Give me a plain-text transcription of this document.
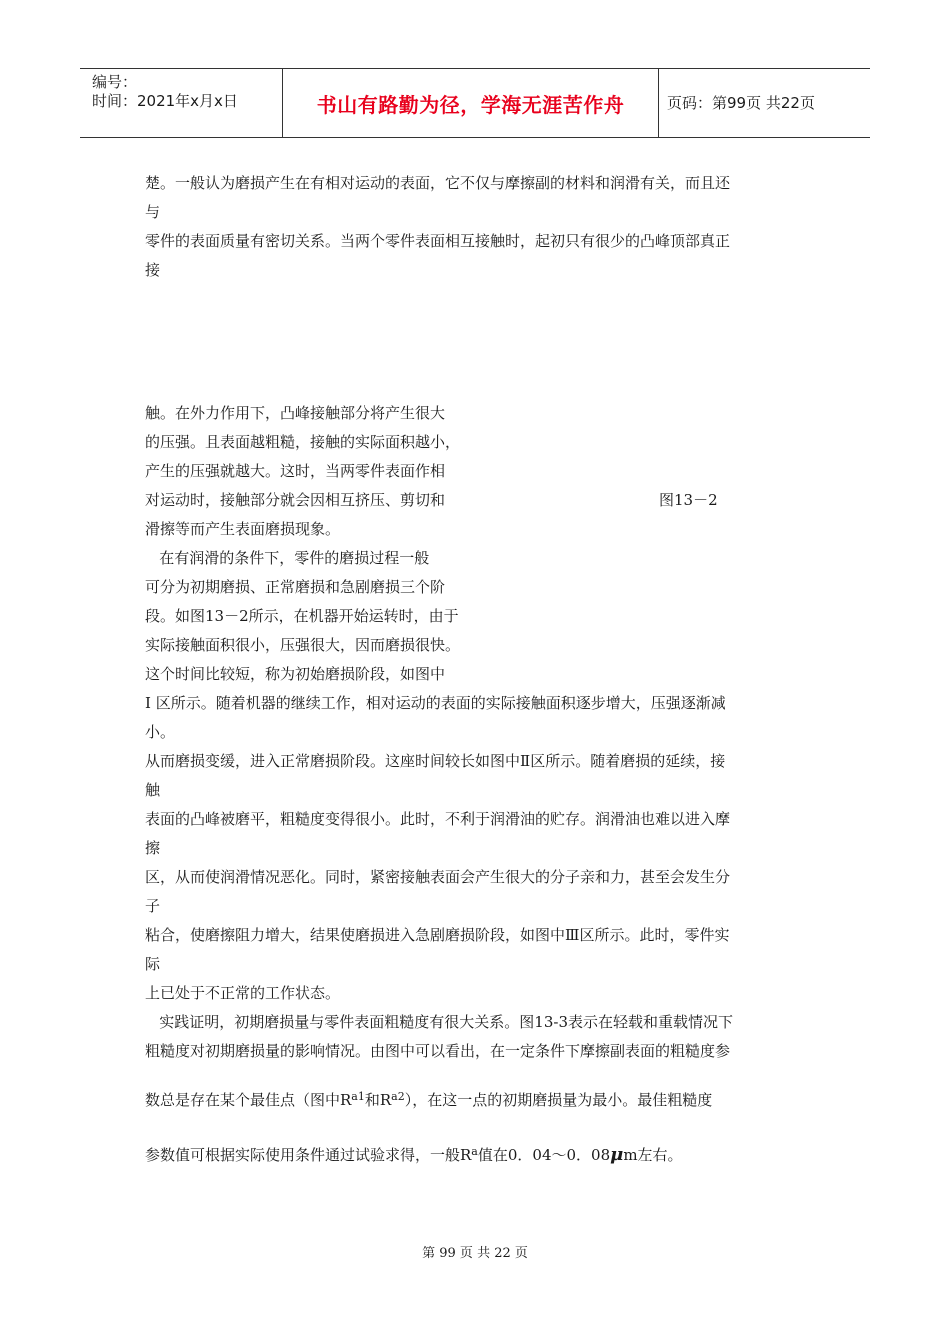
编号：
时间：2021年x月x日	书山有路勤为径，学海无涯苦作舟	页码：第99页 共22页
楚。一般认为磨损产生在有相对运动的表面，它不仅与摩擦副的材料和润滑有关，而且还
与
零件的表面质量有密切关系。当两个零件表面相互接触时，起初只有很少的凸峰顶部真正
接
触。在外力作用下，凸峰接触部分将产生很大
的压强。且表面越粗糙，接触的实际面积越小，
产生的压强就越大。这时，当两零件表面作相
对运动时，接触部分就会因相互挤压、剪切和
滑擦等而产生表面磨损现象。
在有润滑的条件下，零件的磨损过程一般
可分为初期磨损、正常磨损和急剧磨损三个阶
段。如图13－2所示，在机器开始运转时，由于
实际接触面积很小，压强很大，因而磨损很快。
这个时间比较短，称为初始磨损阶段，如图中
Ⅰ 区所示。随着机器的继续工作，相对运动的表面的实际接触面积逐步增大，压强逐渐减
小。
从而磨损变缓，进入正常磨损阶段。这座时间较长如图中Ⅱ区所示。随着磨损的延续，接
触
表面的凸峰被磨平，粗糙度变得很小。此时，不利于润滑油的贮存。润滑油也难以进入摩
擦
区，从而使润滑情况恶化。同时，紧密接触表面会产生很大的分子亲和力，甚至会发生分
子
粘合，使磨擦阻力增大，结果使磨损进入急剧磨损阶段，如图中Ⅲ区所示。此时，零件实
际
上已处于不正常的工作状态。
实践证明，初期磨损量与零件表面粗糙度有很大关系。图13-3表示在轻载和重载情况下
粗糙度对初期磨损量的影响情况。由图中可以看出，在一定条件下摩擦副表面的粗糙度参
数总是存在某个最佳点（图中$R^{a1}$和$R^{a2}$），在这一点的初期磨损量为最小。最佳粗糙度
参数值可根据实际使用条件通过试验求得，一般$R^a$值在0．04～0．08μm左右。
图13－2
第 99 页 共 22 页
